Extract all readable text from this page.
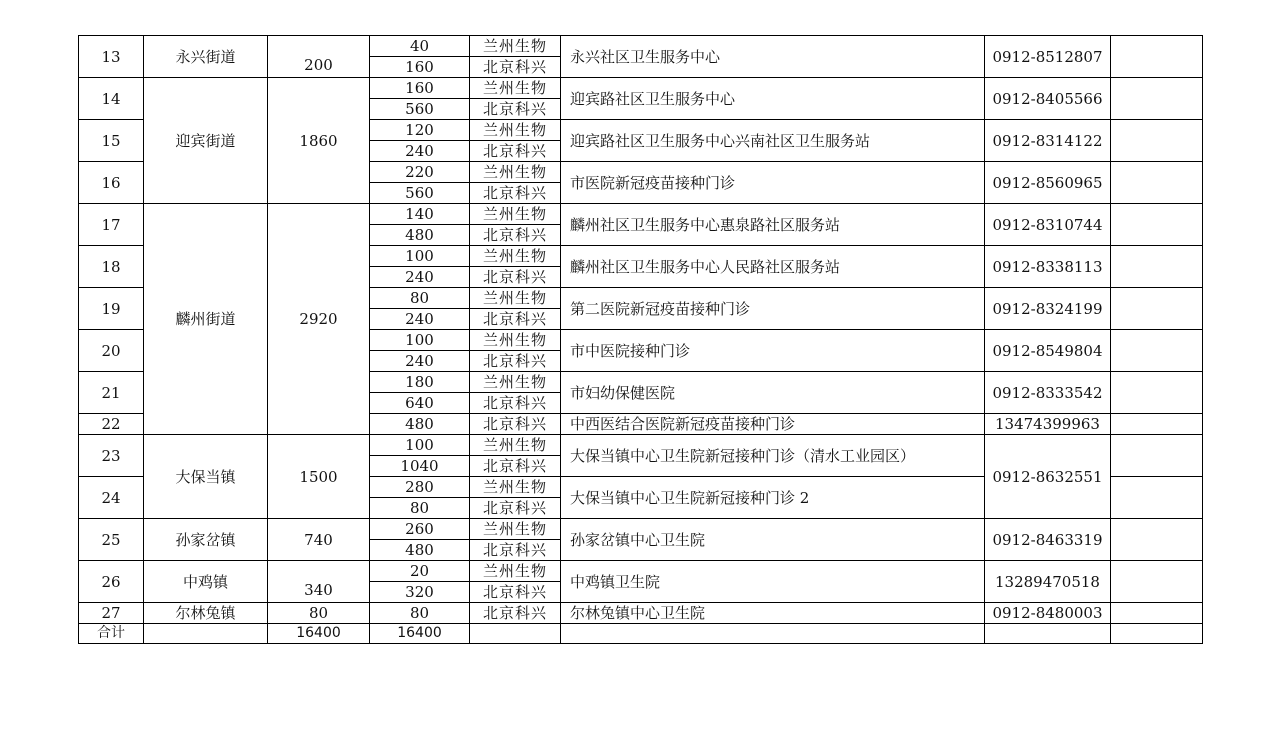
13	永兴街道	200	40	兰州生物	永兴社区卫生服务中心	0912-8512807	
			160	北京科兴			
14	迎宾街道	1860	160	兰州生物	迎宾路社区卫生服务中心	0912-8405566	
			560	北京科兴			
15			120	兰州生物	迎宾路社区卫生服务中心兴南社区卫生服务站	0912-8314122	
			240	北京科兴			
16			220	兰州生物	市医院新冠疫苗接种门诊	0912-8560965	
			560	北京科兴			
17	麟州街道	2920	140	兰州生物	麟州社区卫生服务中心惠泉路社区服务站	0912-8310744	
			480	北京科兴			
18			100	兰州生物	麟州社区卫生服务中心人民路社区服务站	0912-8338113	
			240	北京科兴			
19			80	兰州生物	第二医院新冠疫苗接种门诊	0912-8324199	
			240	北京科兴			
20			100	兰州生物	市中医院接种门诊	0912-8549804	
			240	北京科兴			
21			180	兰州生物	市妇幼保健医院	0912-8333542	
			640	北京科兴			
22			480	北京科兴	中西医结合医院新冠疫苗接种门诊	13474399963	
23	大保当镇	1500	100	兰州生物	大保当镇中心卫生院新冠接种门诊（清水工业园区）	0912-8632551	
			1040	北京科兴			
24			280	兰州生物	大保当镇中心卫生院新冠接种门诊 2		
			80	北京科兴			
25	孙家岔镇	740	260	兰州生物	孙家岔镇中心卫生院	0912-8463319	
			480	北京科兴			
26	中鸡镇	340	20	兰州生物	中鸡镇卫生院	13289470518	
			320	北京科兴			
27	尔林兔镇	80	80	北京科兴	尔林兔镇中心卫生院	0912-8480003	
合计		16400	16400				
